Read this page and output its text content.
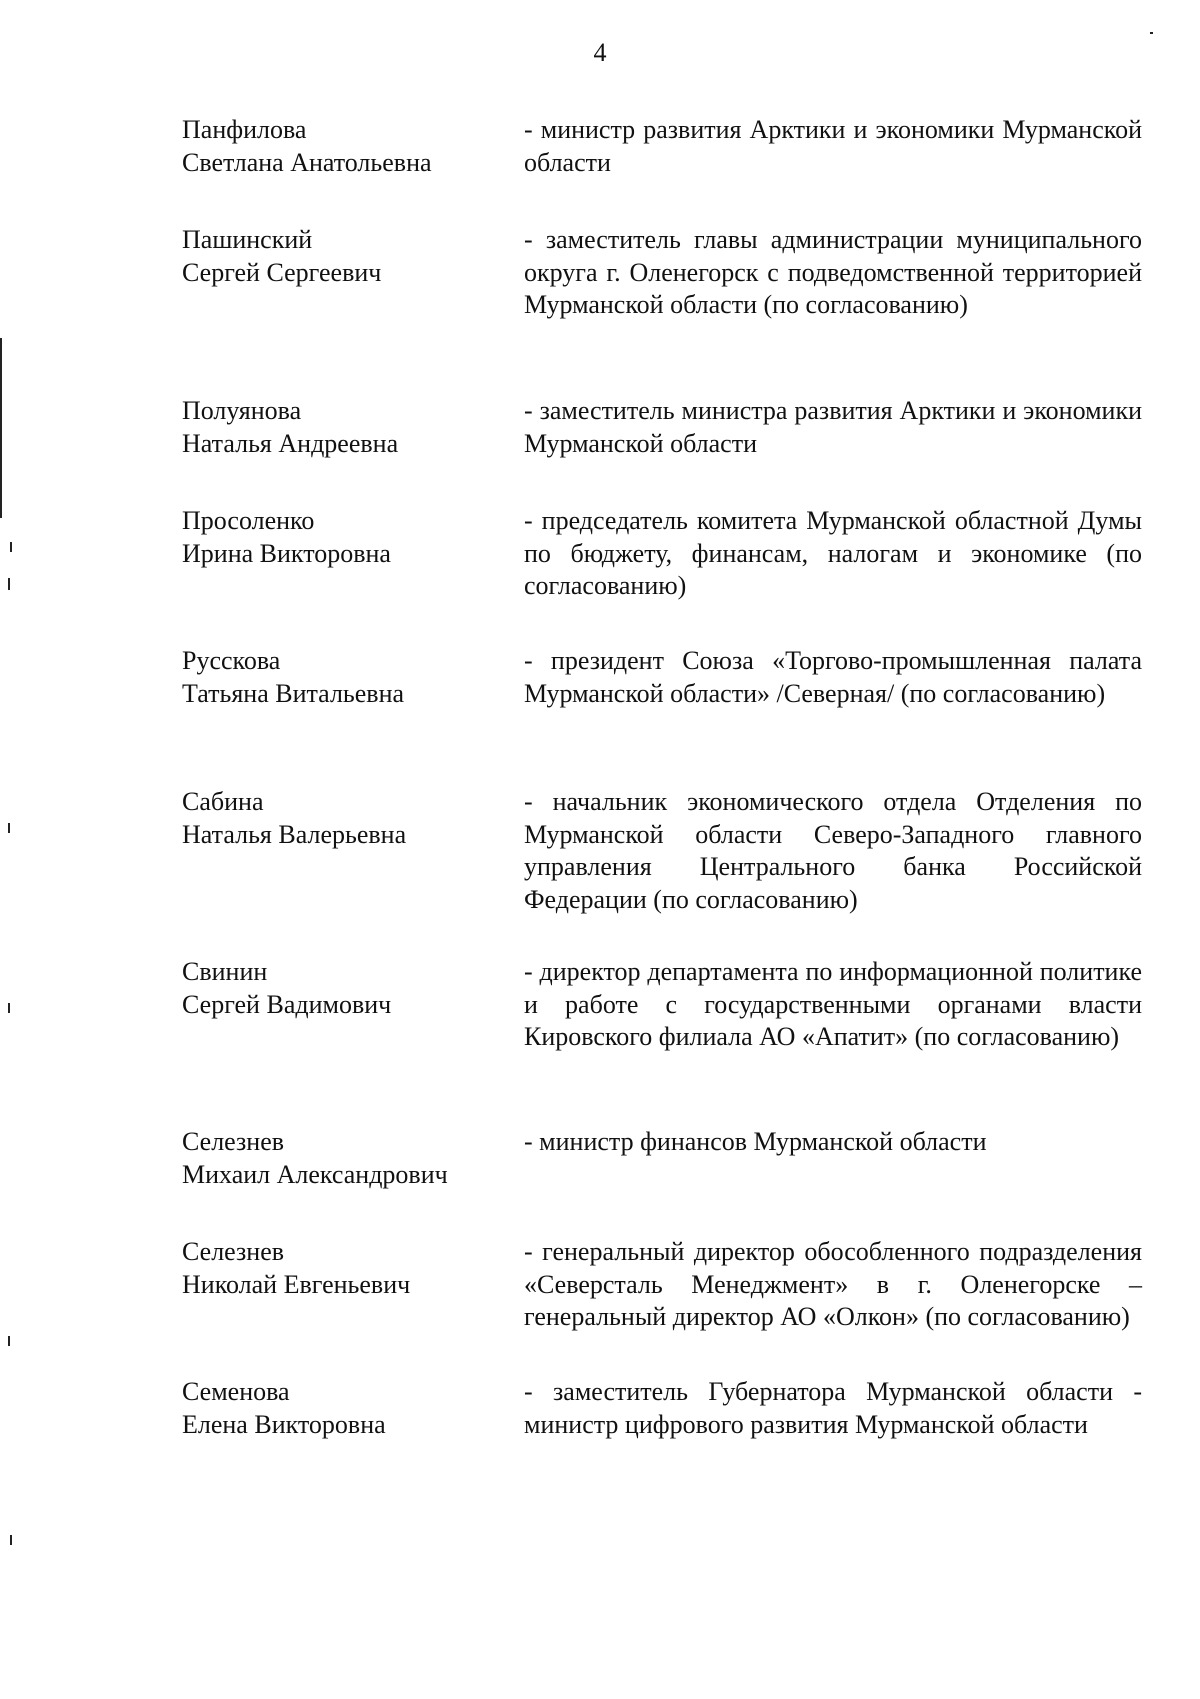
4
Панфилова
Светлана Анатольевна
- министр развития Арктики и экономики Мурманской области
Пашинский
Сергей Сергеевич
- заместитель главы администрации муниципального округа г. Оленегорск с подведомственной территорией Мурманской области (по согласованию)
Полуянова
Наталья Андреевна
- заместитель министра развития Арктики и экономики Мурманской области
Просоленко
Ирина Викторовна
- председатель комитета Мурманской областной Думы по бюджету, финансам, налогам и экономике (по согласованию)
Русскова
Татьяна Витальевна
- президент Союза «Торгово-промышленная палата Мурманской области» /Северная/ (по согласованию)
Сабина
Наталья Валерьевна
- начальник экономического отдела Отделения по Мурманской области Северо-Западного главного управления Центрального банка Российской Федерации (по согласованию)
Свинин
Сергей Вадимович
- директор департамента по информационной политике и работе с государственными органами власти Кировского филиала АО «Апатит» (по согласованию)
Селезнев
Михаил Александрович
- министр финансов Мурманской области
Селезнев
Николай Евгеньевич
- генеральный директор обособленного подразделения «Северсталь Менеджмент» в г. Оленегорске – генеральный директор АО «Олкон» (по согласованию)
Семенова
Елена Викторовна
- заместитель Губернатора Мурманской области - министр цифрового развития Мурманской области
